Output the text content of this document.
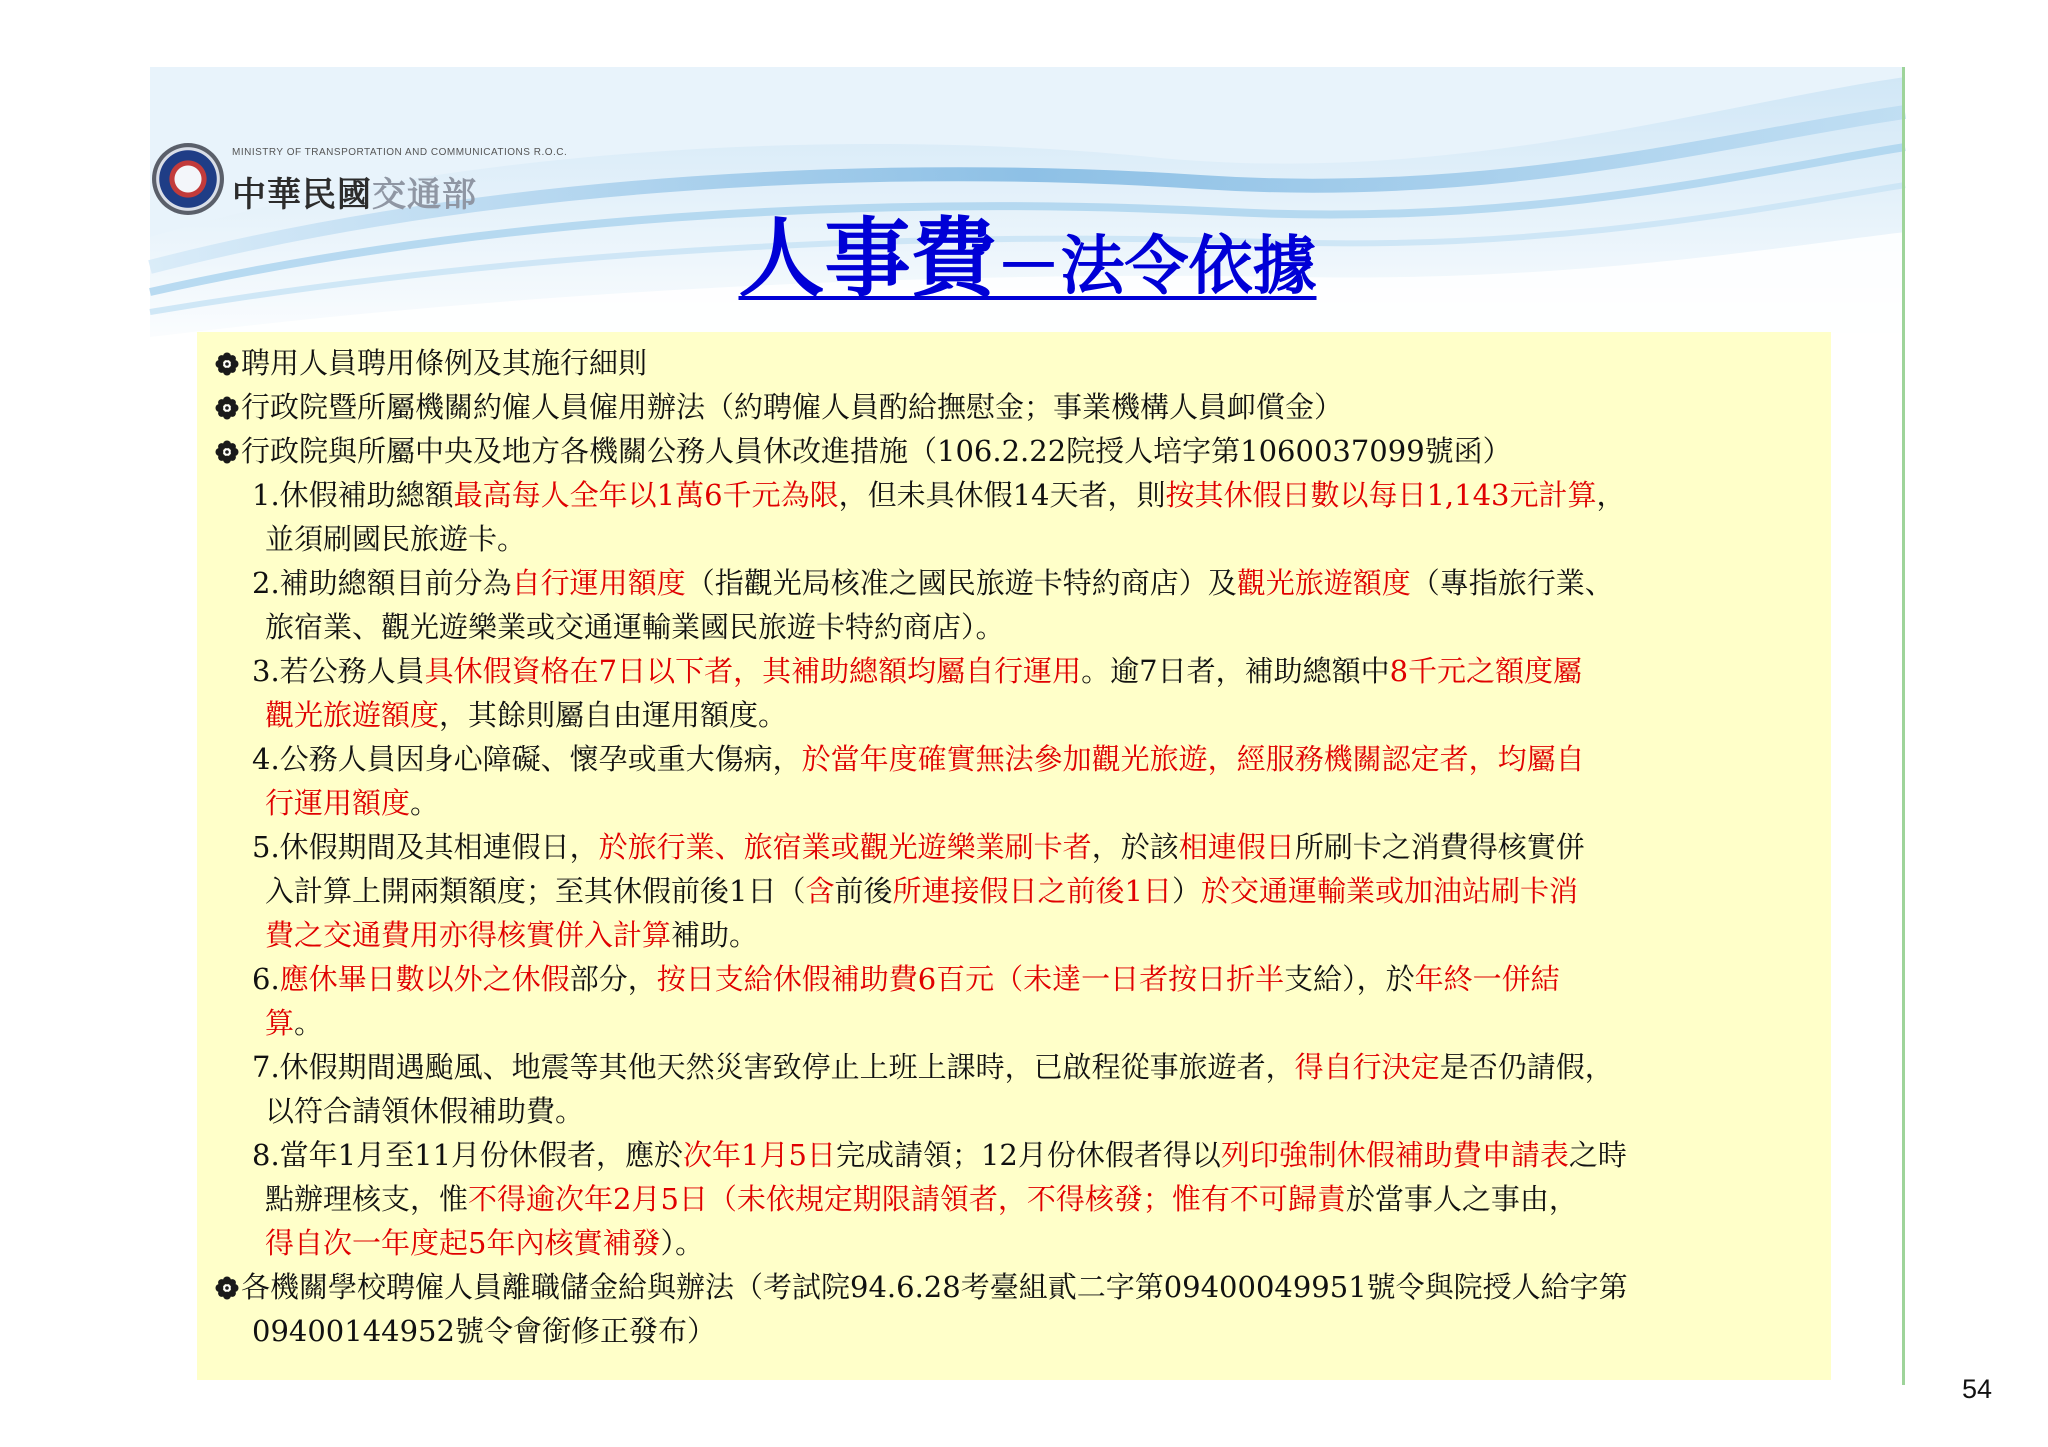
MINISTRY OF TRANSPORTATION AND COMMUNICATIONS R.O.C.
中華民國交通部
人事費－法令依據
聘用人員聘用條例及其施行細則
行政院暨所屬機關約僱人員僱用辦法（約聘僱人員酌給撫慰金；事業機構人員卹償金）
行政院與所屬中央及地方各機關公務人員休改進措施（106.2.22院授人培字第1060037099號函）
1.休假補助總額最高每人全年以1萬6千元為限，但未具休假14天者，則按其休假日數以每日1,143元計算，
並須刷國民旅遊卡。
2.補助總額目前分為自行運用額度（指觀光局核准之國民旅遊卡特約商店）及觀光旅遊額度（專指旅行業、
旅宿業、觀光遊樂業或交通運輸業國民旅遊卡特約商店）。
3.若公務人員具休假資格在7日以下者，其補助總額均屬自行運用。逾7日者，補助總額中8千元之額度屬
觀光旅遊額度，其餘則屬自由運用額度。
4.公務人員因身心障礙、懷孕或重大傷病，於當年度確實無法參加觀光旅遊，經服務機關認定者，均屬自
行運用額度。
5.休假期間及其相連假日，於旅行業、旅宿業或觀光遊樂業刷卡者，於該相連假日所刷卡之消費得核實併
入計算上開兩類額度；至其休假前後1日（含前後所連接假日之前後1日）於交通運輸業或加油站刷卡消
費之交通費用亦得核實併入計算補助。
6.應休畢日數以外之休假部分，按日支給休假補助費6百元（未達一日者按日折半支給），於年終一併結
算。
7.休假期間遇颱風、地震等其他天然災害致停止上班上課時，已啟程從事旅遊者，得自行決定是否仍請假，
以符合請領休假補助費。
8.當年1月至11月份休假者，應於次年1月5日完成請領；12月份休假者得以列印強制休假補助費申請表之時
點辦理核支，惟不得逾次年2月5日（未依規定期限請領者，不得核發；惟有不可歸責於當事人之事由，
得自次一年度起5年內核實補發）。
各機關學校聘僱人員離職儲金給與辦法（考試院94.6.28考臺組貳二字第09400049951號令與院授人給字第
09400144952號令會銜修正發布）
54
